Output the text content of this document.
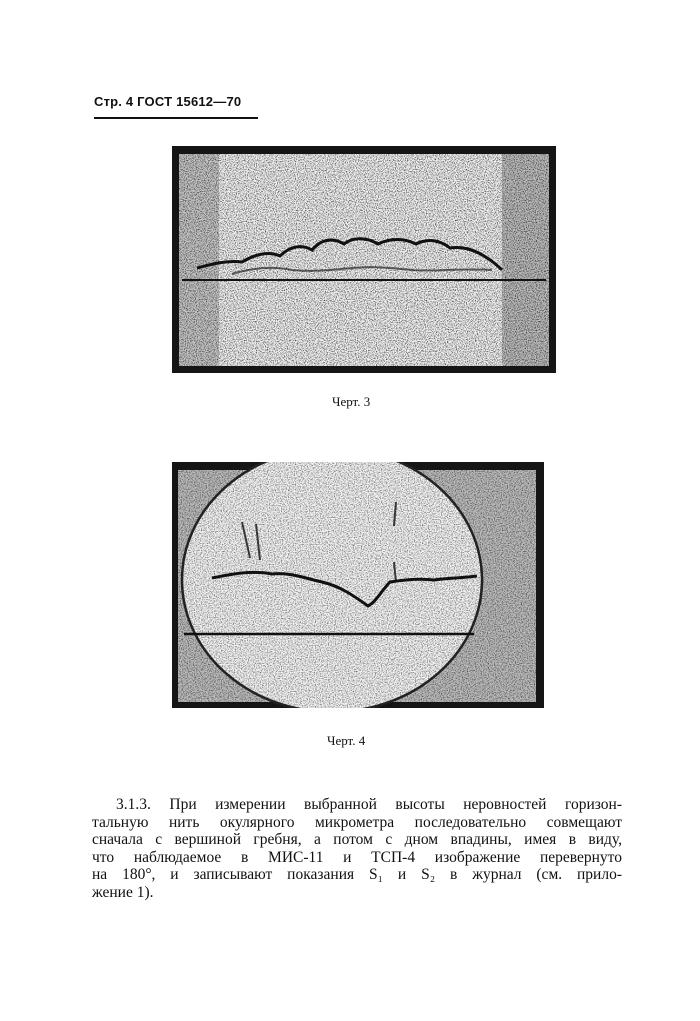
Стр. 4 ГОСТ 15612—70
Черт. 3
Черт. 4
3.1.3. При измерении выбранной высоты неровностей горизон-
тальную нить окулярного микрометра последовательно совмещают
сначала с вершиной гребня, а потом с дном впадины, имея в виду,
что наблюдаемое в МИС-11 и ТСП-4 изображение перевернуто
на 180°, и записывают показания S₁ и S₂ в журнал (см. прило-
жение 1).
